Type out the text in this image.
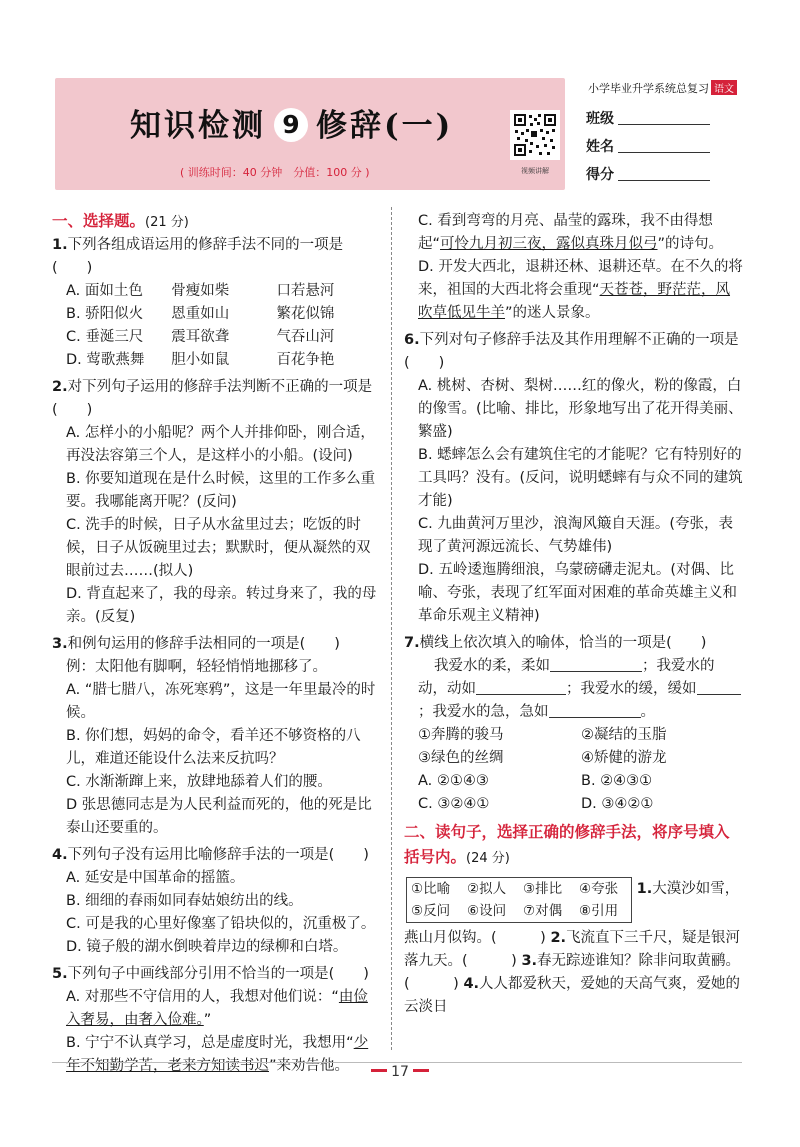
知识检测 9 修辞(一)
( 训练时间：40 分钟　分值：100 分 )	视频讲解
小学毕业升学系统总复习 语文
班级
姓名
得分
一、选择题。(21 分)
1.下列各组成语运用的修辞手法不同的一项是(　　)
A. 面如土色	骨瘦如柴	口若悬河
B. 骄阳似火	恩重如山	繁花似锦
C. 垂涎三尺	震耳欲聋	气吞山河
D. 莺歌燕舞	胆小如鼠	百花争艳
2.对下列句子运用的修辞手法判断不正确的一项是(　　)
A. 怎样小的小船呢？两个人并排仰卧，刚合适，再没法容第三个人，是这样小的小船。(设问)
B. 你要知道现在是什么时候，这里的工作多么重要。我哪能离开呢？(反问)
C. 洗手的时候，日子从水盆里过去；吃饭的时候，日子从饭碗里过去；默默时，便从凝然的双眼前过去……(拟人)
D. 背直起来了，我的母亲。转过身来了，我的母亲。(反复)
3.和例句运用的修辞手法相同的一项是(　　)
例：太阳他有脚啊，轻轻悄悄地挪移了。
A. “腊七腊八，冻死寒鸦”，这是一年里最冷的时候。
B. 你们想，妈妈的命令，看羊还不够资格的八儿，难道还能设什么法来反抗吗？
C. 水渐渐蹿上来，放肆地舔着人们的腰。
D 张思德同志是为人民利益而死的，他的死是比泰山还要重的。
4.下列句子没有运用比喻修辞手法的一项是(　　)
A. 延安是中国革命的摇篮。
B. 细细的春雨如同春姑娘纺出的线。
C. 可是我的心里好像塞了铅块似的，沉重极了。
D. 镜子般的湖水倒映着岸边的绿柳和白塔。
5.下列句子中画线部分引用不恰当的一项是(　　)
A. 对那些不守信用的人，我想对他们说：“由俭入奢易，由奢入俭难。”
B. 宁宁不认真学习，总是虚度时光，我想用“少年不知勤学苦，老来方知读书迟”来劝告他。
C. 看到弯弯的月亮、晶莹的露珠，我不由得想起“可怜九月初三夜，露似真珠月似弓”的诗句。
D. 开发大西北，退耕还林、退耕还草。在不久的将来，祖国的大西北将会重现“天苍苍，野茫茫，风吹草低见牛羊”的迷人景象。
6.下列对句子修辞手法及其作用理解不正确的一项是(　　)
A. 桃树、杏树、梨树……红的像火，粉的像霞，白的像雪。(比喻、排比，形象地写出了花开得美丽、繁盛)
B. 蟋蟀怎么会有建筑住宅的才能呢？它有特别好的工具吗？没有。(反问，说明蟋蟀有与众不同的建筑才能)
C. 九曲黄河万里沙，浪淘风簸自天涯。(夸张，表现了黄河源远流长、气势雄伟)
D. 五岭逶迤腾细浪，乌蒙磅礴走泥丸。(对偶、比喻、夸张，表现了红军面对困难的革命英雄主义和革命乐观主义精神)
7.横线上依次填入的喻体，恰当的一项是(　　)
我爱水的柔，柔如	；我爱水的
动，动如	；我爱水的缓，缓如
；我爱水的急，急如	。
①奔腾的骏马	②凝结的玉脂
③绿色的丝绸	④矫健的游龙
A. ②①④③	B. ②④③①
C. ③②④①	D. ③④②①
二、读句子，选择正确的修辞手法，将序号填入括号内。(24 分)
①比喻	②拟人	③排比	④夸张
⑤反问	⑥设问	⑦对偶	⑧引用
1.大漠沙如雪，燕山月似钩。(　　　) 2.飞流直下三千尺，疑是银河落九天。(　　　) 3.春无踪迹谁知？除非问取黄鹂。(　　　) 4.人人都爱秋天，爱她的天高气爽，爱她的云淡日
17
